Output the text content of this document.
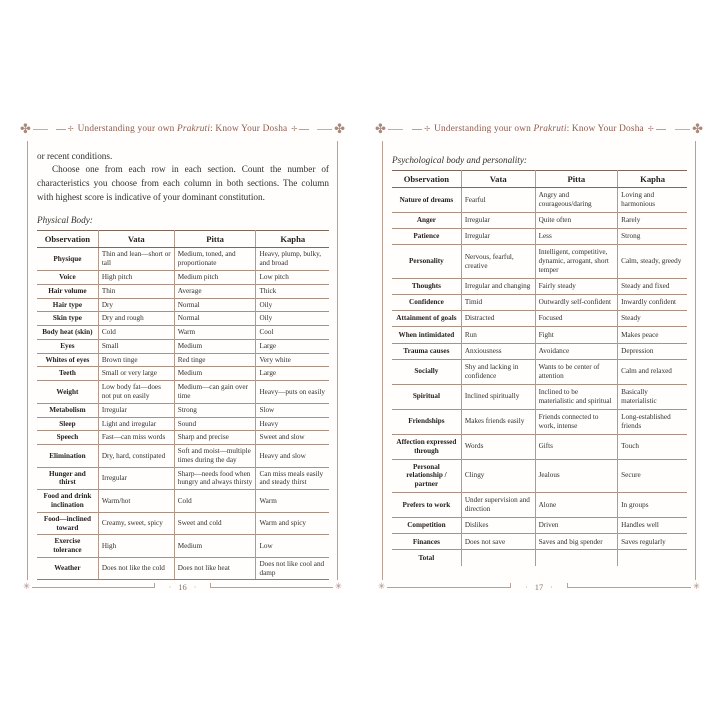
✤	✢ Understanding your own Prakruti: Know Your Dosha ✢	✤

or recent conditions.

Choose one from each row in each section. Count the number of characteristics you choose from each column in both sections. The column with highest score is indicative of your dominant constitution.

Physical Body:

Observation	Vata	Pitta	Kapha
Physique	Thin and lean—short or tall	Medium, toned, and proportionate	Heavy, plump, bulky, and broad
Voice	High pitch	Medium pitch	Low pitch
Hair volume	Thin	Average	Thick
Hair type	Dry	Normal	Oily
Skin type	Dry and rough	Normal	Oily
Body heat (skin)	Cold	Warm	Cool
Eyes	Small	Medium	Large
Whites of eyes	Brown tinge	Red tinge	Very white
Teeth	Small or very large	Medium	Large
Weight	Low body fat—does not put on easily	Medium—can gain over time	Heavy—puts on easily
Metabolism	Irregular	Strong	Slow
Sleep	Light and irregular	Sound	Heavy
Speech	Fast—can miss words	Sharp and precise	Sweet and slow
Elimination	Dry, hard, constipated	Soft and moist—multiple times during the day	Heavy and slow
Hunger and thirst	Irregular	Sharp—needs food when hungry and always thirsty	Can miss meals easily and steady thirst
Food and drink inclination	Warm/hot	Cold	Warm
Food—inclined toward	Creamy, sweet, spicy	Sweet and cold	Warm and spicy
Exercise tolerance	High	Medium	Low
Weather	Does not like the cold	Does not like heat	Does not like cool and damp
✳	· 16 ·	✳
✤	✢ Understanding your own Prakruti: Know Your Dosha ✢	✤

Psychological body and personality:

Observation	Vata	Pitta	Kapha
Nature of dreams	Fearful	Angry and courageous/daring	Loving and harmonious
Anger	Irregular	Quite often	Rarely
Patience	Irregular	Less	Strong
Personality	Nervous, fearful, creative	Intelligent, competitive, dynamic, arrogant, short temper	Calm, steady, greedy
Thoughts	Irregular and changing	Fairly steady	Steady and fixed
Confidence	Timid	Outwardly self-confident	Inwardly confident
Attainment of goals	Distracted	Focused	Steady
When intimidated	Run	Fight	Makes peace
Trauma causes	Anxiousness	Avoidance	Depression
Socially	Shy and lacking in confidence	Wants to be center of attention	Calm and relaxed
Spiritual	Inclined spiritually	Inclined to be materialistic and spiritual	Basically materialistic
Friendships	Makes friends easily	Friends connected to work, intense	Long-established friends
Affection expressed through	Words	Gifts	Touch
Personal relationship / partner	Clingy	Jealous	Secure
Prefers to work	Under supervision and direction	Alone	In groups
Competition	Dislikes	Driven	Handles well
Finances	Does not save	Saves and big spender	Saves regularly
Total			
✳	· 17 ·	✳
